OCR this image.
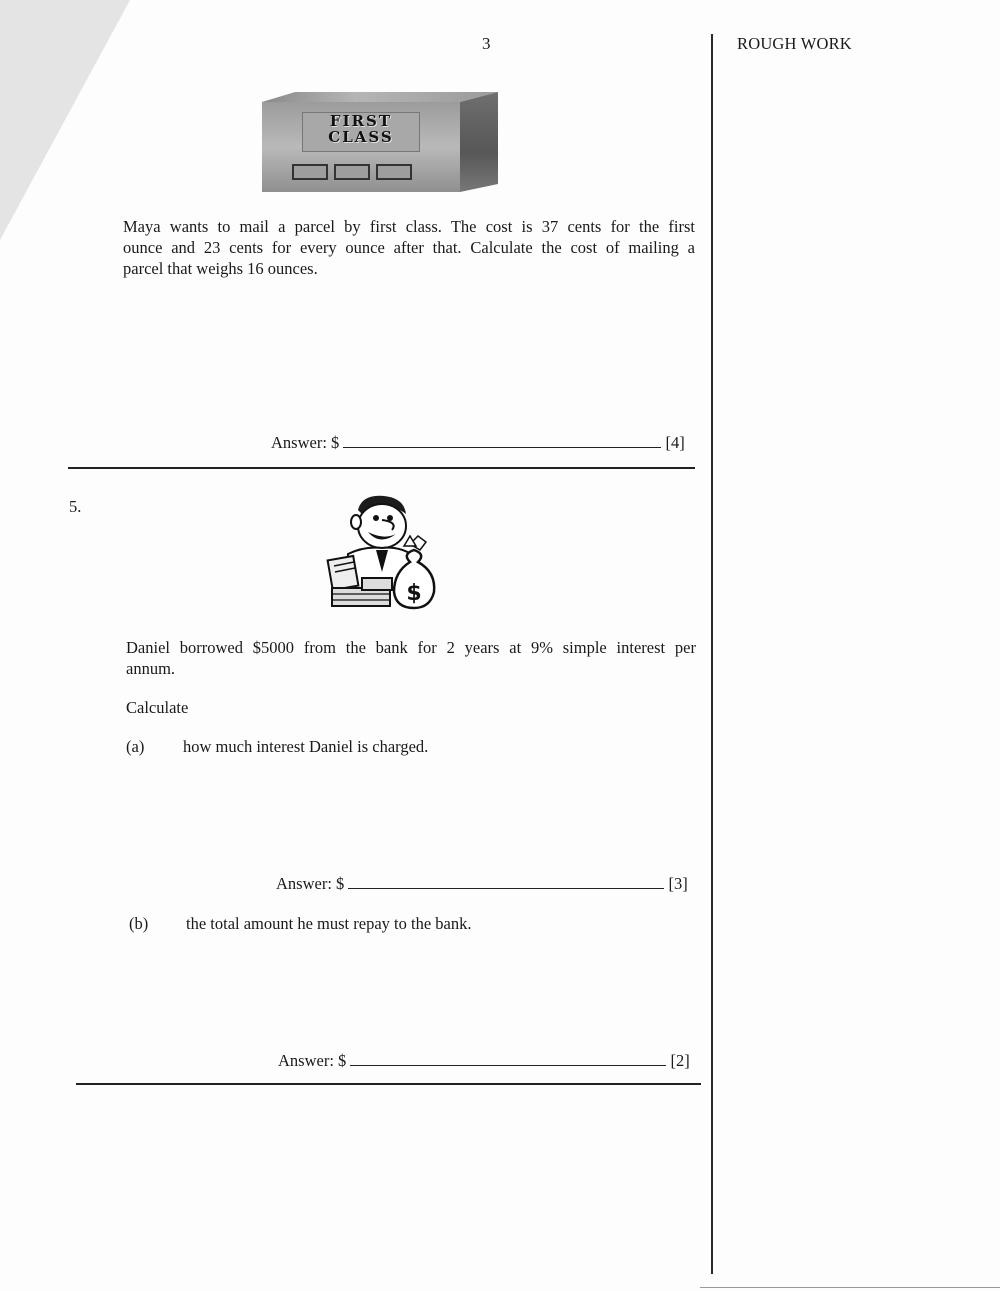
3	ROUGH WORK
FIRST
CLASS
Maya wants to mail a parcel by first class. The cost is 37 cents for the first
ounce and 23 cents for every ounce after that. Calculate the cost of mailing a
parcel that weighs 16 ounces.
Answer: $	[4]
5.
$
Daniel borrowed $5000 from the bank for 2 years at 9% simple interest per
annum.
Calculate
(a) how much interest Daniel is charged.
Answer: $	[3]
(b) the total amount he must repay to the bank.
Answer: $	[2]
